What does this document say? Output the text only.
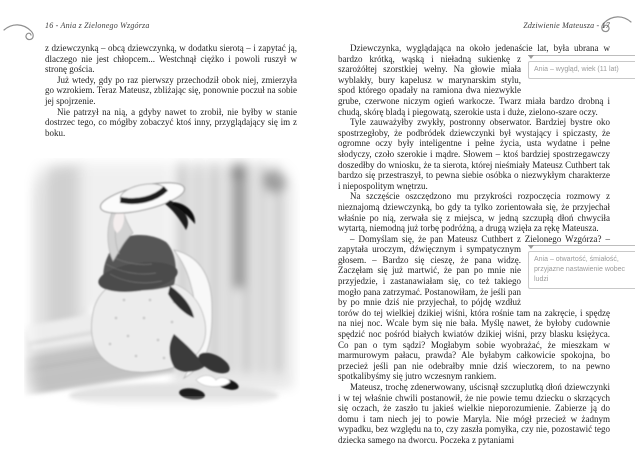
16 - Ania z Zielonego Wzgórza
z dziewczynką – obcą dziewczynką, w dodatku sierotą – i zapytać ją, dlaczego nie jest chłopcem... Westchnął ciężko i powoli ruszył w stronę gościa.
Już wtedy, gdy po raz pierwszy przechodził obok niej, zmierzyła go wzrokiem. Teraz Mateusz, zbliżając się, ponownie poczuł na sobie jej spojrzenie.
Nie patrzył na nią, a gdyby nawet to zrobił, nie byłby w stanie dostrzec tego, co mógłby zobaczyć ktoś inny, przyglądający się im z boku.
Zdziwienie Mateusza - 17
Dziewczynka, wyglądająca na około jedenaście lat, była ubrana
Ania – wygląd, wiek (11 lat)
w bardzo krótką, wąską i nieładną sukienkę z szarożółtej szorstkiej wełny. Na głowie miała wyblakły, bury kapelusz w marynarskim stylu, spod którego opadały na ramiona dwa niezwykle grube, czerwone niczym ogień warkocze. Twarz miała bardzo drobną i chudą, skórę bladą i piegowatą, szerokie usta i duże, zielono-szare oczy.
Tyle zauważyłby zwykły, postronny obserwator. Bardziej bystre oko spostrzegłoby, że podbródek dziewczynki był wystający i spiczasty, że ogromne oczy były inteligentne i pełne życia, usta wydatne i pełne słodyczy, czoło szerokie i mądre. Słowem – ktoś bardziej spostrzegawczy doszedłby do wniosku, że ta sierota, której nieśmiały Mateusz Cuthbert tak bardzo się przestraszył, to pewna siebie osóbka o niezwykłym charakterze i niepospolitym wnętrzu.
Na szczęście oszczędzono mu przykrości rozpoczęcia rozmowy z nieznajomą dziewczynką, bo gdy ta tylko zorientowała się, że przyjechał właśnie po nią, zerwała się z miejsca, w jedną szczupłą dłoń chwyciła wytartą, niemodną już torbę podróżną, a drugą wzięła za rękę Mateusza.
– Domyślam się, że pan Mateusz Cuthbert z Zielonego Wzgórza? –
Ania – otwartość, śmiałość, przyjazne nastawienie wobec ludzi
zapytała uroczym, dźwięcznym i sympatycznym głosem. – Bardzo się cieszę, że pana widzę. Zaczęłam się już martwić, że pan po mnie nie przyjedzie, i zastanawiałam się, co też takiego mogło pana zatrzymać. Postanowiłam, że jeśli pan by po mnie dziś nie przyjechał, to pójdę wzdłuż torów do tej wielkiej dzikiej wiśni, która rośnie tam na zakręcie, i spędzę na niej noc. Wcale bym się nie bała. Myślę nawet, że byłoby cudownie spędzić noc pośród białych kwiatów dzikiej wiśni, przy blasku księżyca. Co pan o tym sądzi? Mogłabym sobie wyobrażać, że mieszkam w marmurowym pałacu, prawda? Ale byłabym całkowicie spokojna, bo przecież jeśli pan nie odebrałby mnie dziś wieczorem, to na pewno spotkalibyśmy się jutro wczesnym rankiem.
Mateusz, trochę zdenerwowany, uścisnął szczuplutką dłoń dziewczynki i w tej właśnie chwili postanowił, że nie powie temu dziecku o skrzących się oczach, że zaszło tu jakieś wielkie nieporozumienie. Zabierze ją do domu i tam niech jej to powie Maryla. Nie mógł przecież w żadnym wypadku, bez względu na to, czy zaszła pomyłka, czy nie, pozostawić tego dziecka samego na dworcu. Poczeka z pytaniami
